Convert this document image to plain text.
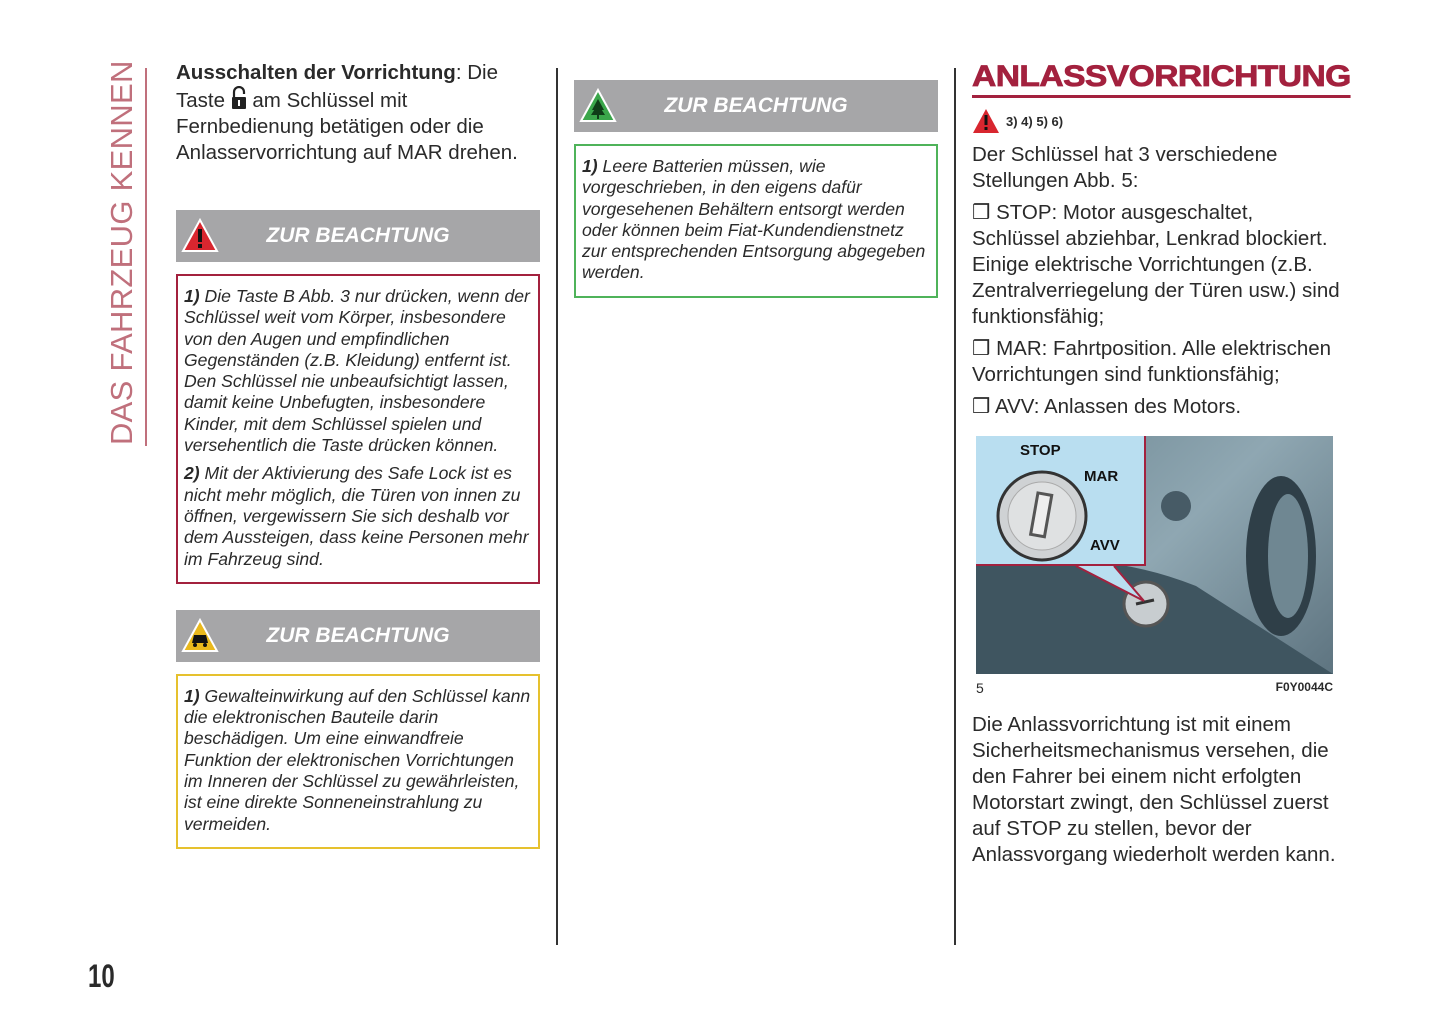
DAS FAHRZEUG KENNEN Ausschalten der Vorrichtung: Die Taste  am Schlüssel mit Fernbedienung betätigen oder die Anlasservorrichtung auf MAR drehen.

ZUR BEACHTUNG

1) Die Taste B Abb. 3 nur drücken, wenn der Schlüssel weit vom Körper, insbesondere von den Augen und empfindlichen Gegenständen (z.B. Kleidung) entfernt ist. Den Schlüssel nie unbeaufsichtigt lassen, damit keine Unbefugten, insbesondere Kinder, mit dem Schlüssel spielen und versehentlich die Taste drücken können.

2) Mit der Aktivierung des Safe Lock ist es nicht mehr möglich, die Türen von innen zu öffnen, vergewissern Sie sich deshalb vor dem Aussteigen, dass keine Personen mehr im Fahrzeug sind.

ZUR BEACHTUNG

1) Gewalteinwirkung auf den Schlüssel kann die elektronischen Bauteile darin beschädigen. Um eine einwandfreie Funktion der elektronischen Vorrichtungen im Inneren der Schlüssel zu gewährleisten, ist eine direkte Sonneneinstrahlung zu vermeiden.

ZUR BEACHTUNG

1) Leere Batterien müssen, wie vorgeschrieben, in den eigens dafür vorgesehenen Behältern entsorgt werden oder können beim Fiat-Kundendienstnetz zur entsprechenden Entsorgung abgegeben werden.

ANLASSVORRICHTUNG
3) 4) 5) 6)

Der Schlüssel hat 3 verschiedene Stellungen Abb. 5:

❒ STOP: Motor ausgeschaltet, Schlüssel abziehbar, Lenkrad blockiert. Einige elektrische Vorrichtungen (z.B. Zentralverriegelung der Türen usw.) sind funktionsfähig;

❒ MAR: Fahrtposition. Alle elektrischen Vorrichtungen sind funktionsfähig;

❒ AVV: Anlassen des Motors.

STOP
MAR
AVV
5	F0Y0044C

Die Anlassvorrichtung ist mit einem Sicherheitsmechanismus versehen, die den Fahrer bei einem nicht erfolgten Motorstart zwingt, den Schlüssel zuerst auf STOP zu stellen, bevor der Anlassvorgang wiederholt werden kann.

10
